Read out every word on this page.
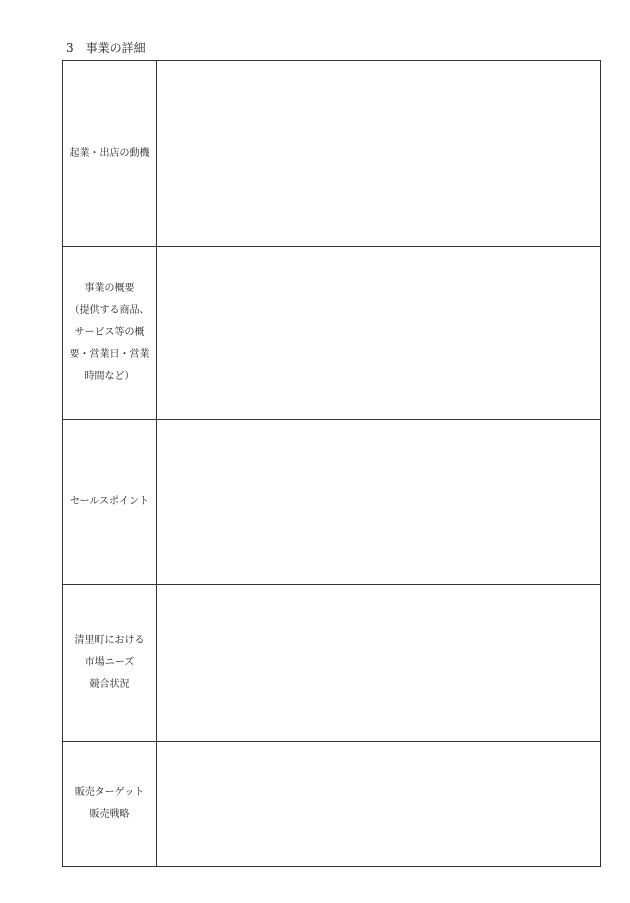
3　事業の詳細
起業・出店の動機
事業の概要
（提供する商品、
サービス等の概
要・営業日・営業
時間など）
セールスポイント
清里町における
市場ニーズ
競合状況
販売ターゲット
販売戦略
